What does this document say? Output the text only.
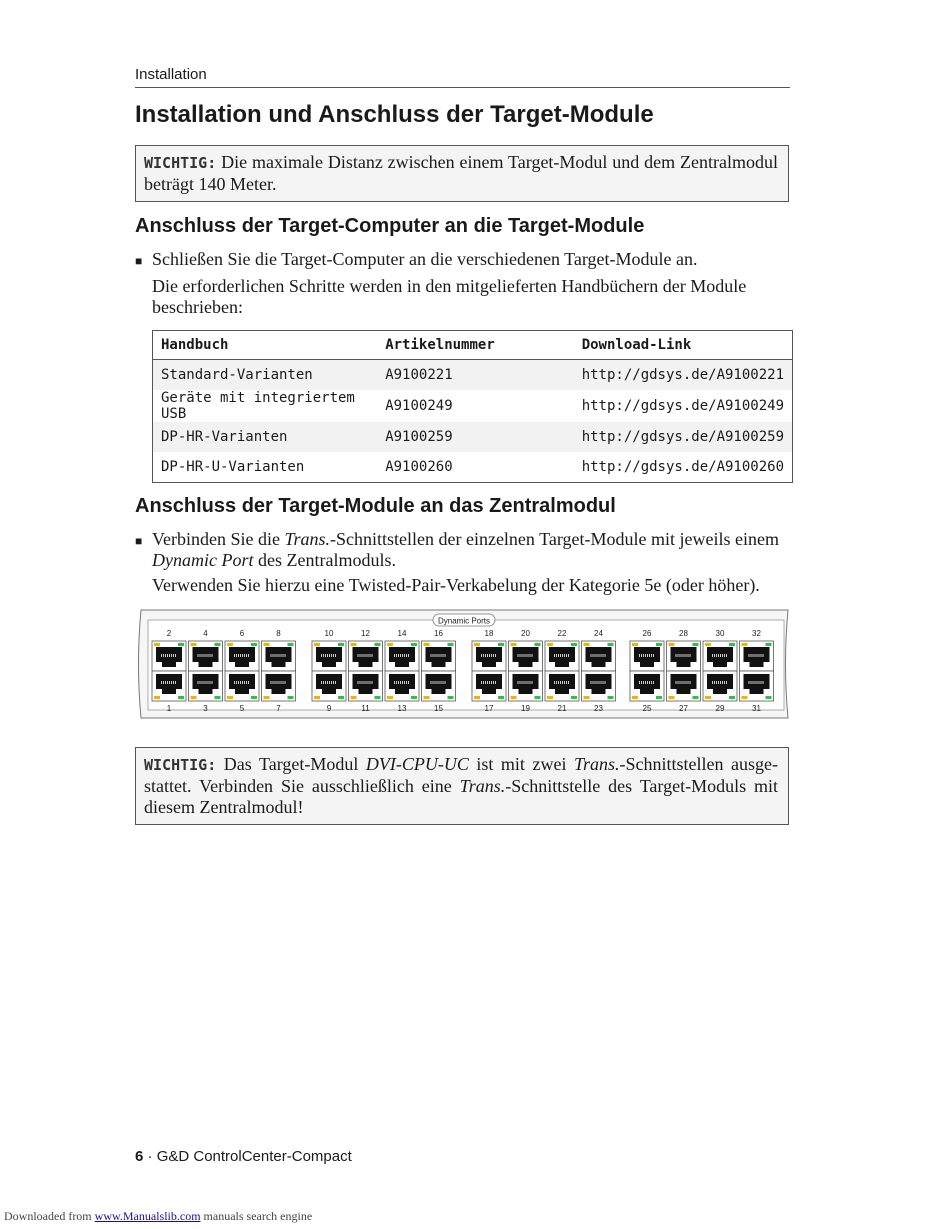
Installation
Installation und Anschluss der Target-Module
WICHTIG: Die maximale Distanz zwischen einem Target-Modul und dem Zentralmodul beträgt 140 Meter.
Anschluss der Target-Computer an die Target-Module
■ Schließen Sie die Target-Computer an die verschiedenen Target-Module an.
Die erforderlichen Schritte werden in den mitgelieferten Handbüchern der Module beschrieben:
Handbuch	Artikelnummer	Download-Link
Standard-Varianten	A9100221	http://gdsys.de/A9100221
Geräte mit integriertem USB	A9100249	http://gdsys.de/A9100249
DP-HR-Varianten	A9100259	http://gdsys.de/A9100259
DP-HR-U-Varianten	A9100260	http://gdsys.de/A9100260
Anschluss der Target-Module an das Zentralmodul
■ Verbinden Sie die Trans.-Schnittstellen der einzelnen Target-Module mit jeweils einem Dynamic Port des Zentralmoduls.
Verwenden Sie hierzu eine Twisted-Pair-Verkabelung der Kategorie 5e (oder höher).
Dynamic Ports
2
1
4
3
6
5
8
7
10
9
12
11
14
13
16
15
18
17
20
19
22
21
24
23
26
25
28
27
30
29
32
31
WICHTIG: Das Target-Modul DVI-CPU-UC ist mit zwei Trans.-Schnittstellen ausgestattet. Verbinden Sie ausschließlich eine Trans.-Schnittstelle des Target-Moduls mit diesem Zentralmodul!
6 · G&D ControlCenter-Compact
Downloaded from www.Manualslib.com manuals search engine
